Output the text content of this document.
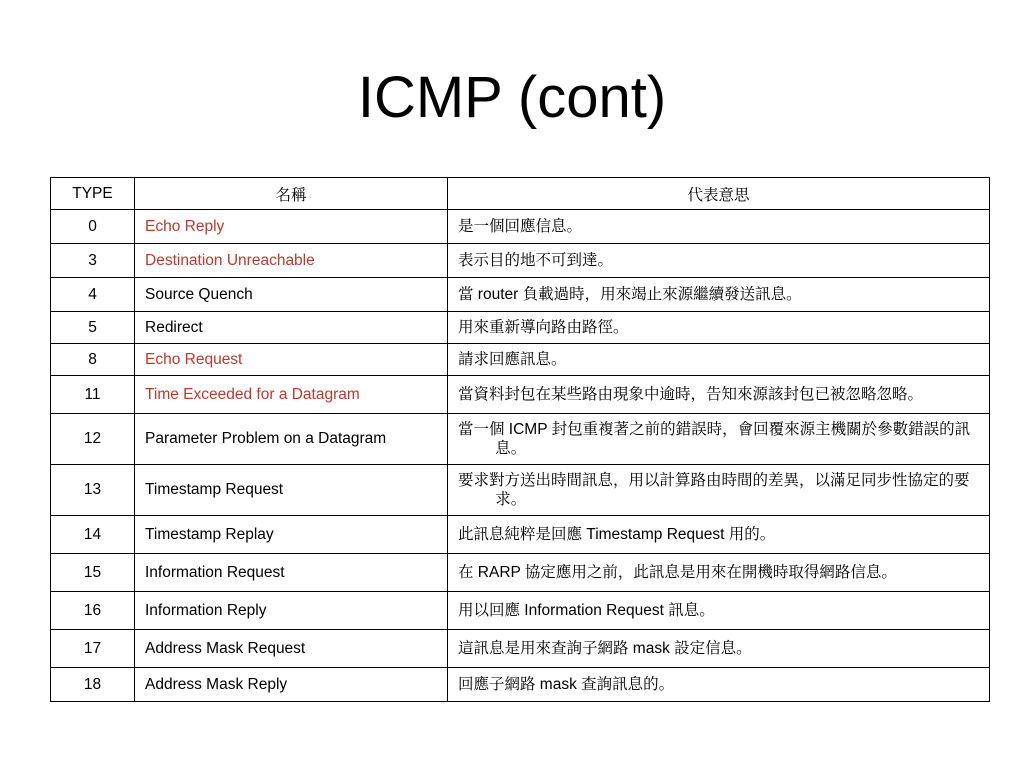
ICMP (cont)
TYPE	名稱	代表意思
0	Echo Reply	是一個回應信息。

3	Destination Unreachable	表示目的地不可到達。

4	Source Quench	當 router 負載過時，用來竭止來源繼續發送訊息。

5	Redirect	用來重新導向路由路徑。

8	Echo Request	請求回應訊息。

11	Time Exceeded for a Datagram	當資料封包在某些路由現象中逾時，告知來源該封包已被忽略忽略。

12	Parameter Problem on a Datagram	當一個 ICMP 封包重複著之前的錯誤時，會回覆來源主機關於參數錯誤的訊息。

13	Timestamp Request	要求對方送出時間訊息，用以計算路由時間的差異，以滿足同步性協定的要求。

14	Timestamp Replay	此訊息純粹是回應 Timestamp Request 用的。

15	Information Request	在 RARP 協定應用之前，此訊息是用來在開機時取得網路信息。

16	Information Reply	用以回應 Information Request 訊息。

17	Address Mask Request	這訊息是用來查詢子網路 mask 設定信息。

18	Address Mask Reply	回應子網路 mask 查詢訊息的。
